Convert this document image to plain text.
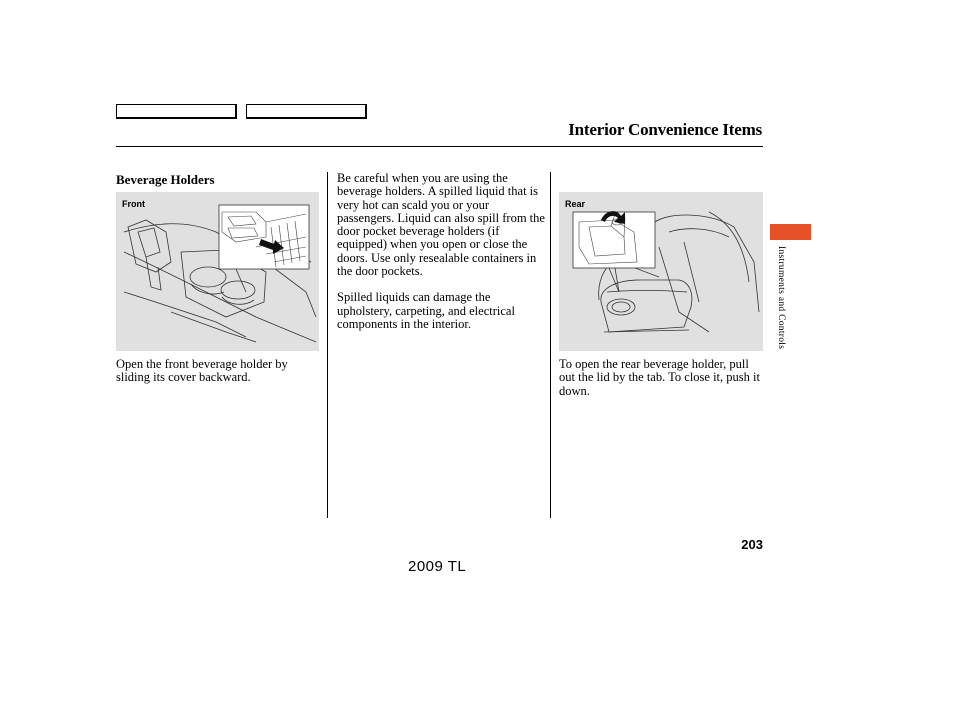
Interior Convenience Items
Beverage Holders
Front
Open the front beverage holder by sliding its cover backward.

Be careful when you are using the beverage holders. A spilled liquid that is very hot can scald you or your passengers. Liquid can also spill from the door pocket beverage holders (if equipped) when you open or close the doors. Use only resealable containers in the door pockets.

Spilled liquids can damage the upholstery, carpeting, and electrical components in the interior.

Rear
To open the rear beverage holder, pull out the lid by the tab. To close it, push it down.
Instruments and Controls
203
2009 TL
